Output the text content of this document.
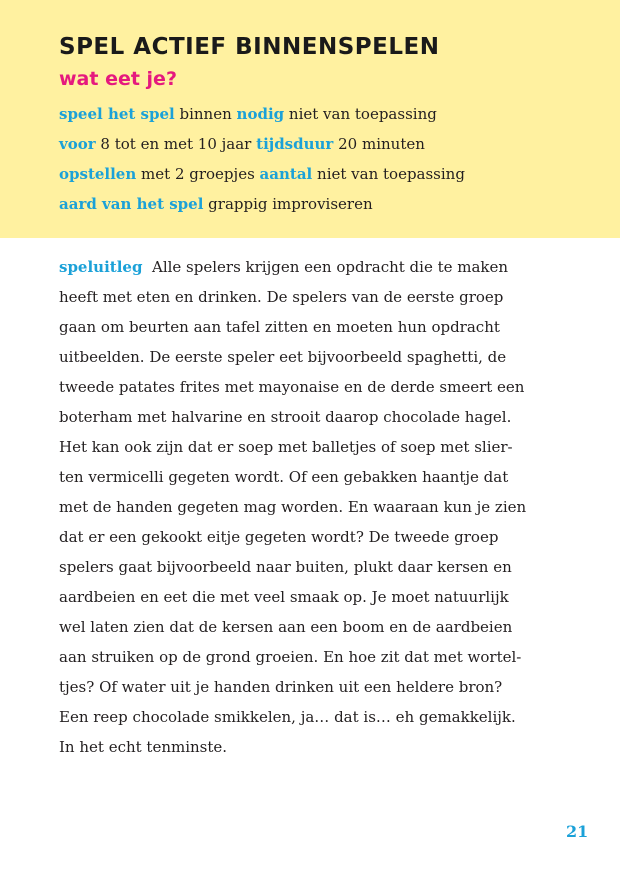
SPEL ACTIEF BINNENSPELEN
wat eet je?

speel het spel binnen nodig niet van toepassing

voor 8 tot en met 10 jaar tijdsduur 20 minuten

opstellen met 2 groepjes aantal niet van toepassing

aard van het spel grappig improviseren

speluitleg Alle spelers krijgen een opdracht die te maken
heeft met eten en drinken. De spelers van de eerste groep
gaan om beurten aan tafel zitten en moeten hun opdracht
uitbeelden. De eerste speler eet bijvoorbeeld spaghetti, de
tweede patates frites met mayonaise en de derde smeert een
boterham met halvarine en strooit daarop chocolade hagel.
Het kan ook zijn dat er soep met balletjes of soep met slier-
ten vermicelli gegeten wordt. Of een gebakken haantje dat
met de handen gegeten mag worden. En waaraan kun je zien
dat er een gekookt eitje gegeten wordt? De tweede groep
spelers gaat bijvoorbeeld naar buiten, plukt daar kersen en
aardbeien en eet die met veel smaak op. Je moet natuurlijk
wel laten zien dat de kersen aan een boom en de aardbeien
aan struiken op de grond groeien. En hoe zit dat met wortel-
tjes? Of water uit je handen drinken uit een heldere bron?
Een reep chocolade smikkelen, ja… dat is… eh gemakkelijk.
In het echt tenminste.
21
